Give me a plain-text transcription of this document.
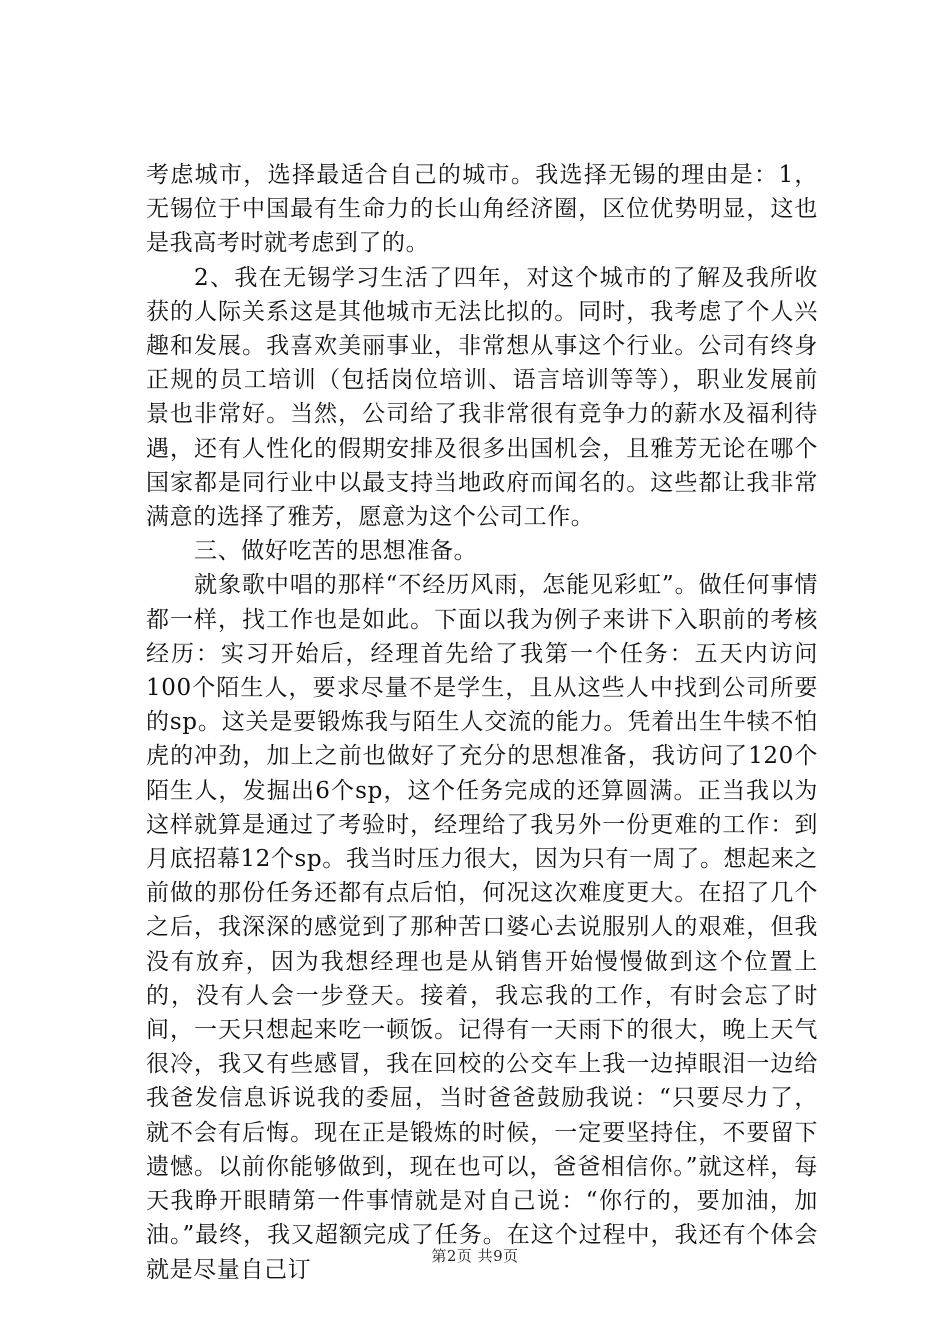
考虑城市，选择最适合自己的城市。我选择无锡的理由是：1，无锡位于中国最有生命力的长山角经济圈，区位优势明显，这也是我高考时就考虑到了的。

2、我在无锡学习生活了四年，对这个城市的了解及我所收获的人际关系这是其他城市无法比拟的。同时，我考虑了个人兴趣和发展。我喜欢美丽事业，非常想从事这个行业。公司有终身正规的员工培训（包括岗位培训、语言培训等等），职业发展前景也非常好。当然，公司给了我非常很有竞争力的薪水及福利待遇，还有人性化的假期安排及很多出国机会，且雅芳无论在哪个国家都是同行业中以最支持当地政府而闻名的。这些都让我非常满意的选择了雅芳，愿意为这个公司工作。

三、做好吃苦的思想准备。

就象歌中唱的那样“不经历风雨，怎能见彩虹”。做任何事情都一样，找工作也是如此。下面以我为例子来讲下入职前的考核经历：实习开始后，经理首先给了我第一个任务：五天内访问100个陌生人，要求尽量不是学生，且从这些人中找到公司所要的sp。这关是要锻炼我与陌生人交流的能力。凭着出生牛犊不怕虎的冲劲，加上之前也做好了充分的思想准备，我访问了120个陌生人，发掘出6个sp，这个任务完成的还算圆满。正当我以为这样就算是通过了考验时，经理给了我另外一份更难的工作：到月底招幕12个sp。我当时压力很大，因为只有一周了。想起来之前做的那份任务还都有点后怕，何况这次难度更大。在招了几个之后，我深深的感觉到了那种苦口婆心去说服别人的艰难，但我没有放弃，因为我想经理也是从销售开始慢慢做到这个位置上的，没有人会一步登天。接着，我忘我的工作，有时会忘了时间，一天只想起来吃一顿饭。记得有一天雨下的很大，晚上天气很冷，我又有些感冒，我在回校的公交车上我一边掉眼泪一边给我爸发信息诉说我的委屈，当时爸爸鼓励我说：“只要尽力了，就不会有后悔。现在正是锻炼的时候，一定要坚持住，不要留下遗憾。以前你能够做到，现在也可以，爸爸相信你。”就这样，每天我睁开眼睛第一件事情就是对自己说：“你行的，要加油，加油。”最终，我又超额完成了任务。在这个过程中，我还有个体会就是尽量自己订

第2页 共9页
